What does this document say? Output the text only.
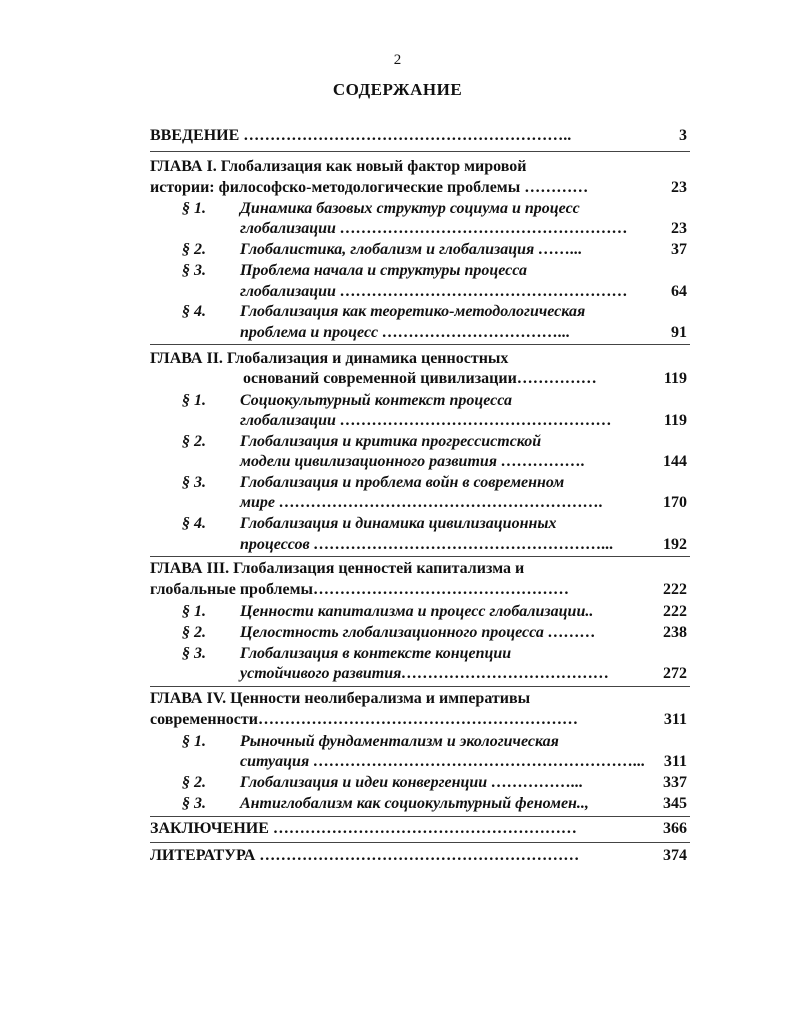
2
СОДЕРЖАНИЕ
ВВЕДЕНИЕ ……………………………………………………..	3
ГЛАВА I. Глобализация как новый фактор мировой
истории: философско-методологические проблемы …………	23
§ 1. Динамика базовых структур социума и процесс
глобализации ………………………………………………	23
§ 2. Глобалистика, глобализм и глобализация ……...	37
§ 3. Проблема начала и структуры процесса
глобализации ………………………………………………	64
§ 4. Глобализация как теоретико-методологическая
проблема и процесс ……………………………...	91
ГЛАВА II. Глобализация и динамика ценностных
оснований современной цивилизации……………	119
§ 1. Социокультурный контекст процесса
глобализации ……………………………………………	119
§ 2. Глобализация и критика прогрессистской
модели цивилизационного развития …………….	144
§ 3. Глобализация и проблема войн в современном
мире …………………………………………………….	170
§ 4. Глобализация и динамика цивилизационных
процессов ………………………………………………...	192
ГЛАВА III. Глобализация ценностей капитализма и
глобальные проблемы…………………………………………	222
§ 1. Ценности капитализма и процесс глобализации..	222
§ 2. Целостность глобализационного процесса ………	238
§ 3. Глобализация в контексте концепции
устойчивого развития…………………………………	272
ГЛАВА IV. Ценности неолиберализма и императивы
современности……………………………………………………	311
§ 1. Рыночный фундаментализм и экологическая
ситуация ……………………………………………………... 311
§ 2. Глобализация и идеи конвергенции ……………...	337
§ 3. Антиглобализм как социокультурный феномен..,	345
ЗАКЛЮЧЕНИЕ …………………………………………………	366
ЛИТЕРАТУРА ……………………………………………………	374
